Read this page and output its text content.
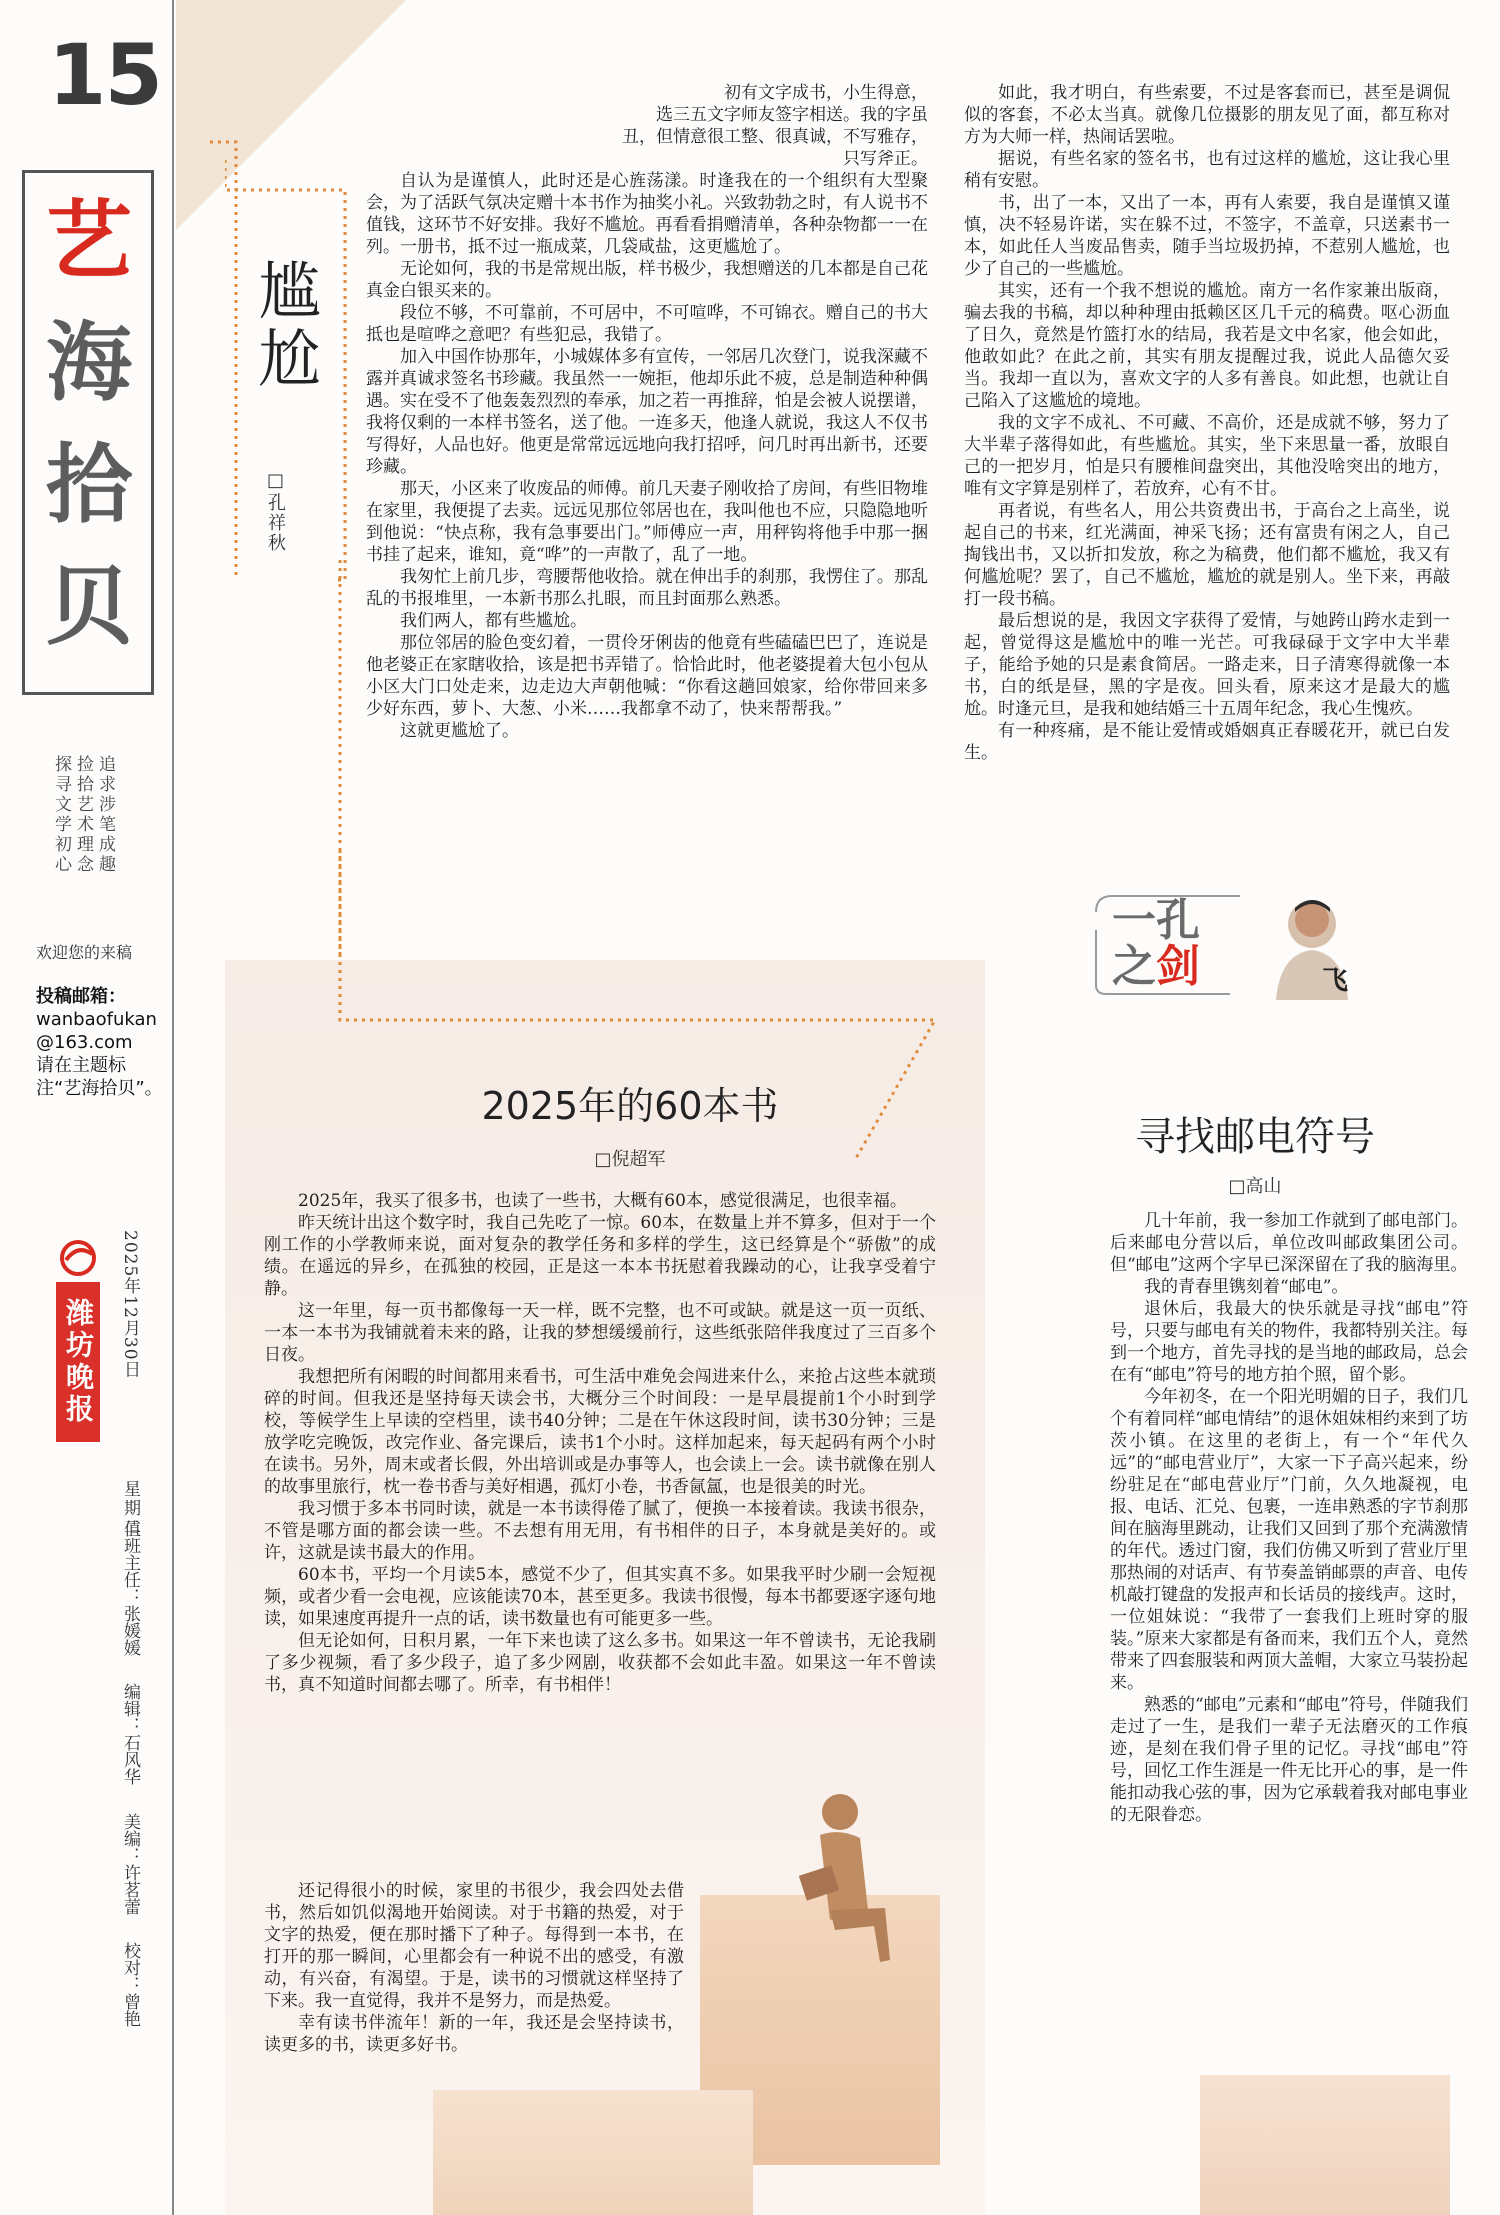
15
艺
海
拾
贝
追求涉笔成趣
捡拾艺术理念
探寻文学初心
欢迎您的来稿
投稿邮箱：
wanbaofukan
@163.com
请在主题标注“艺海拾贝”。
潍坊晚报 2025年12月30日
星期二
值班主任：张媛媛 编辑：石风华 美编：许茗蕾 校对：曾艳
尴尬
□孔祥秋

初有文字成书，小生得意，

选三五文字师友签字相送。我的字虽

丑，但情意很工整、很真诚，不写雅存，

只写斧正。

自认为是谨慎人，此时还是心旌荡漾。时逢我在的一个组织有大型聚会，为了活跃气氛决定赠十本书作为抽奖小礼。兴致勃勃之时，有人说书不值钱，这环节不好安排。我好不尴尬。再看看捐赠清单，各种杂物都一一在列。一册书，抵不过一瓶成菜，几袋咸盐，这更尴尬了。

无论如何，我的书是常规出版，样书极少，我想赠送的几本都是自己花真金白银买来的。

段位不够，不可靠前，不可居中，不可喧哗，不可锦衣。赠自己的书大抵也是喧哗之意吧？有些犯忌，我错了。

加入中国作协那年，小城媒体多有宣传，一邻居几次登门，说我深藏不露并真诚求签名书珍藏。我虽然一一婉拒，他却乐此不疲，总是制造种种偶遇。实在受不了他轰轰烈烈的奉承，加之若一再推辞，怕是会被人说摆谱，我将仅剩的一本样书签名，送了他。一连多天，他逢人就说，我这人不仅书写得好，人品也好。他更是常常远远地向我打招呼，问几时再出新书，还要珍藏。

那天，小区来了收废品的师傅。前几天妻子刚收拾了房间，有些旧物堆在家里，我便提了去卖。远远见那位邻居也在，我叫他也不应，只隐隐地听到他说：“快点称，我有急事要出门。”师傅应一声，用秤钩将他手中那一捆书挂了起来，谁知，竟“哗”的一声散了，乱了一地。

我匆忙上前几步，弯腰帮他收拾。就在伸出手的刹那，我愣住了。那乱乱的书报堆里，一本新书那么扎眼，而且封面那么熟悉。

我们两人，都有些尴尬。

那位邻居的脸色变幻着，一贯伶牙俐齿的他竟有些磕磕巴巴了，连说是他老婆正在家瞎收拾，该是把书弄错了。恰恰此时，他老婆提着大包小包从小区大门口处走来，边走边大声朝他喊：“你看这趟回娘家，给你带回来多少好东西，萝卜、大葱、小米……我都拿不动了，快来帮帮我。”

这就更尴尬了。

如此，我才明白，有些索要，不过是客套而已，甚至是调侃似的客套，不必太当真。就像几位摄影的朋友见了面，都互称对方为大师一样，热闹话罢啦。

据说，有些名家的签名书，也有过这样的尴尬，这让我心里稍有安慰。

书，出了一本，又出了一本，再有人索要，我自是谨慎又谨慎，决不轻易许诺，实在躲不过，不签字，不盖章，只送素书一本，如此任人当废品售卖，随手当垃圾扔掉，不惹别人尴尬，也少了自己的一些尴尬。

其实，还有一个我不想说的尴尬。南方一名作家兼出版商，骗去我的书稿，却以种种理由抵赖区区几千元的稿费。呕心沥血了日久，竟然是竹篮打水的结局，我若是文中名家，他会如此，他敢如此？在此之前，其实有朋友提醒过我，说此人品德欠妥当。我却一直以为，喜欢文字的人多有善良。如此想，也就让自己陷入了这尴尬的境地。

我的文字不成礼、不可藏、不高价，还是成就不够，努力了大半辈子落得如此，有些尴尬。其实，坐下来思量一番，放眼自己的一把岁月，怕是只有腰椎间盘突出，其他没啥突出的地方，唯有文字算是别样了，若放弃，心有不甘。

再者说，有些名人，用公共资费出书，于高台之上高坐，说起自己的书来，红光满面，神采飞扬；还有富贵有闲之人，自己掏钱出书，又以折扣发放，称之为稿费，他们都不尴尬，我又有何尴尬呢？罢了，自己不尴尬，尴尬的就是别人。坐下来，再敲打一段书稿。

最后想说的是，我因文字获得了爱情，与她跨山跨水走到一起，曾觉得这是尴尬中的唯一光芒。可我碌碌于文字中大半辈子，能给予她的只是素食简居。一路走来，日子清寒得就像一本书，白的纸是昼，黑的字是夜。回头看，原来这才是最大的尴尬。时逢元旦，是我和她结婚三十五周年纪念，我心生愧疚。

有一种疼痛，是不能让爱情或婚姻真正春暖花开，就已白发生。

一孔
之剑	飞
2025年的60本书
□倪超军

2025年，我买了很多书，也读了一些书，大概有60本，感觉很满足，也很幸福。

昨天统计出这个数字时，我自己先吃了一惊。60本，在数量上并不算多，但对于一个刚工作的小学教师来说，面对复杂的教学任务和多样的学生，这已经算是个“骄傲”的成绩。在遥远的异乡，在孤独的校园，正是这一本本书抚慰着我躁动的心，让我享受着宁静。

这一年里，每一页书都像每一天一样，既不完整，也不可或缺。就是这一页一页纸、一本一本书为我铺就着未来的路，让我的梦想缓缓前行，这些纸张陪伴我度过了三百多个日夜。

我想把所有闲暇的时间都用来看书，可生活中难免会闯进来什么，来抢占这些本就琐碎的时间。但我还是坚持每天读会书，大概分三个时间段：一是早晨提前1个小时到学校，等候学生上早读的空档里，读书40分钟；二是在午休这段时间，读书30分钟；三是放学吃完晚饭，改完作业、备完课后，读书1个小时。这样加起来，每天起码有两个小时在读书。另外，周末或者长假，外出培训或是办事等人，也会读上一会。读书就像在别人的故事里旅行，枕一卷书香与美好相遇，孤灯小卷，书香氤氲，也是很美的时光。

我习惯于多本书同时读，就是一本书读得倦了腻了，便换一本接着读。我读书很杂，不管是哪方面的都会读一些。不去想有用无用，有书相伴的日子，本身就是美好的。或许，这就是读书最大的作用。

60本书，平均一个月读5本，感觉不少了，但其实真不多。如果我平时少刷一会短视频，或者少看一会电视，应该能读70本，甚至更多。我读书很慢，每本书都要逐字逐句地读，如果速度再提升一点的话，读书数量也有可能更多一些。

但无论如何，日积月累，一年下来也读了这么多书。如果这一年不曾读书，无论我刷了多少视频，看了多少段子，追了多少网剧，收获都不会如此丰盈。如果这一年不曾读书，真不知道时间都去哪了。所幸，有书相伴！

还记得很小的时候，家里的书很少，我会四处去借书，然后如饥似渴地开始阅读。对于书籍的热爱，对于文字的热爱，便在那时播下了种子。每得到一本书，在打开的那一瞬间，心里都会有一种说不出的感受，有激动，有兴奋，有渴望。于是，读书的习惯就这样坚持了下来。我一直觉得，我并不是努力，而是热爱。

幸有读书伴流年！新的一年，我还是会坚持读书，读更多的书，读更多好书。

寻找邮电符号
□高山

几十年前，我一参加工作就到了邮电部门。后来邮电分营以后，单位改叫邮政集团公司。但“邮电”这两个字早已深深留在了我的脑海里。

我的青春里镌刻着“邮电”。

退休后，我最大的快乐就是寻找“邮电”符号，只要与邮电有关的物件，我都特别关注。每到一个地方，首先寻找的是当地的邮政局，总会在有“邮电”符号的地方拍个照，留个影。

今年初冬，在一个阳光明媚的日子，我们几个有着同样“邮电情结”的退休姐妹相约来到了坊茨小镇。在这里的老街上，有一个“年代久远”的“邮电营业厅”，大家一下子高兴起来，纷纷驻足在“邮电营业厅”门前，久久地凝视，电报、电话、汇兑、包裹，一连串熟悉的字节刹那间在脑海里跳动，让我们又回到了那个充满激情的年代。透过门窗，我们仿佛又听到了营业厅里那热闹的对话声、有节奏盖销邮票的声音、电传机敲打键盘的发报声和长话员的接线声。这时，一位姐妹说：“我带了一套我们上班时穿的服装。”原来大家都是有备而来，我们五个人，竟然带来了四套服装和两顶大盖帽，大家立马装扮起来。

熟悉的“邮电”元素和“邮电”符号，伴随我们走过了一生，是我们一辈子无法磨灭的工作痕迹，是刻在我们骨子里的记忆。寻找“邮电”符号，回忆工作生涯是一件无比开心的事，是一件能扣动我心弦的事，因为它承载着我对邮电事业的无限眷恋。
